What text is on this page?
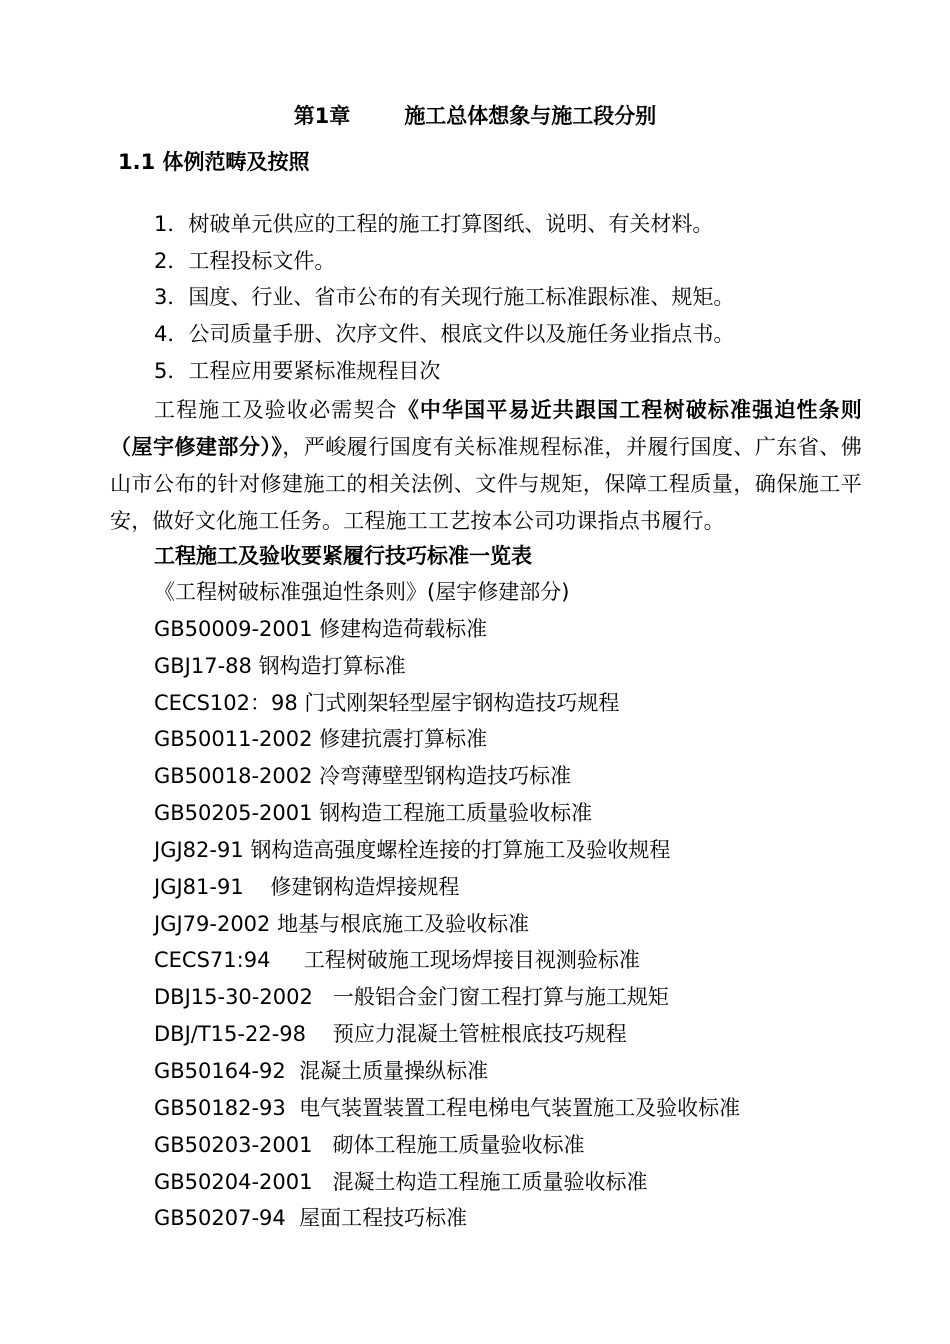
第1章	施工总体想象与施工段分别
1.1 体例范畴及按照
1．树破单元供应的工程的施工打算图纸、说明、有关材料。
2．工程投标文件。
3．国度、行业、省市公布的有关现行施工标准跟标准、规矩。
4．公司质量手册、次序文件、根底文件以及施任务业指点书。
5．工程应用要紧标准规程目次
工程施工及验收必需契合《中华国平易近共跟国工程树破标准强迫性条则（屋宇修建部分）》，严峻履行国度有关标准规程标准，并履行国度、广东省、佛山市公布的针对修建施工的相关法例、文件与规矩，保障工程质量，确保施工平安，做好文化施工任务。工程施工工艺按本公司功课指点书履行。
工程施工及验收要紧履行技巧标准一览表
《工程树破标准强迫性条则》(屋宇修建部分)
GB50009-2001 修建构造荷载标准
GBJ17-88 钢构造打算标准
CECS102：98 门式刚架轻型屋宇钢构造技巧规程
GB50011-2002 修建抗震打算标准
GB50018-2002 冷弯薄壁型钢构造技巧标准
GB50205-2001 钢构造工程施工质量验收标准
JGJ82-91 钢构造高强度螺栓连接的打算施工及验收规程
JGJ81-91    修建钢构造焊接规程
JGJ79-2002 地基与根底施工及验收标准
CECS71:94     工程树破施工现场焊接目视测验标准
DBJ15-30-2002   一般铝合金门窗工程打算与施工规矩
DBJ/T15-22-98    预应力混凝土管桩根底技巧规程
GB50164-92  混凝土质量操纵标准
GB50182-93  电气装置装置工程电梯电气装置施工及验收标准
GB50203-2001   砌体工程施工质量验收标准
GB50204-2001   混凝土构造工程施工质量验收标准
GB50207-94  屋面工程技巧标准
